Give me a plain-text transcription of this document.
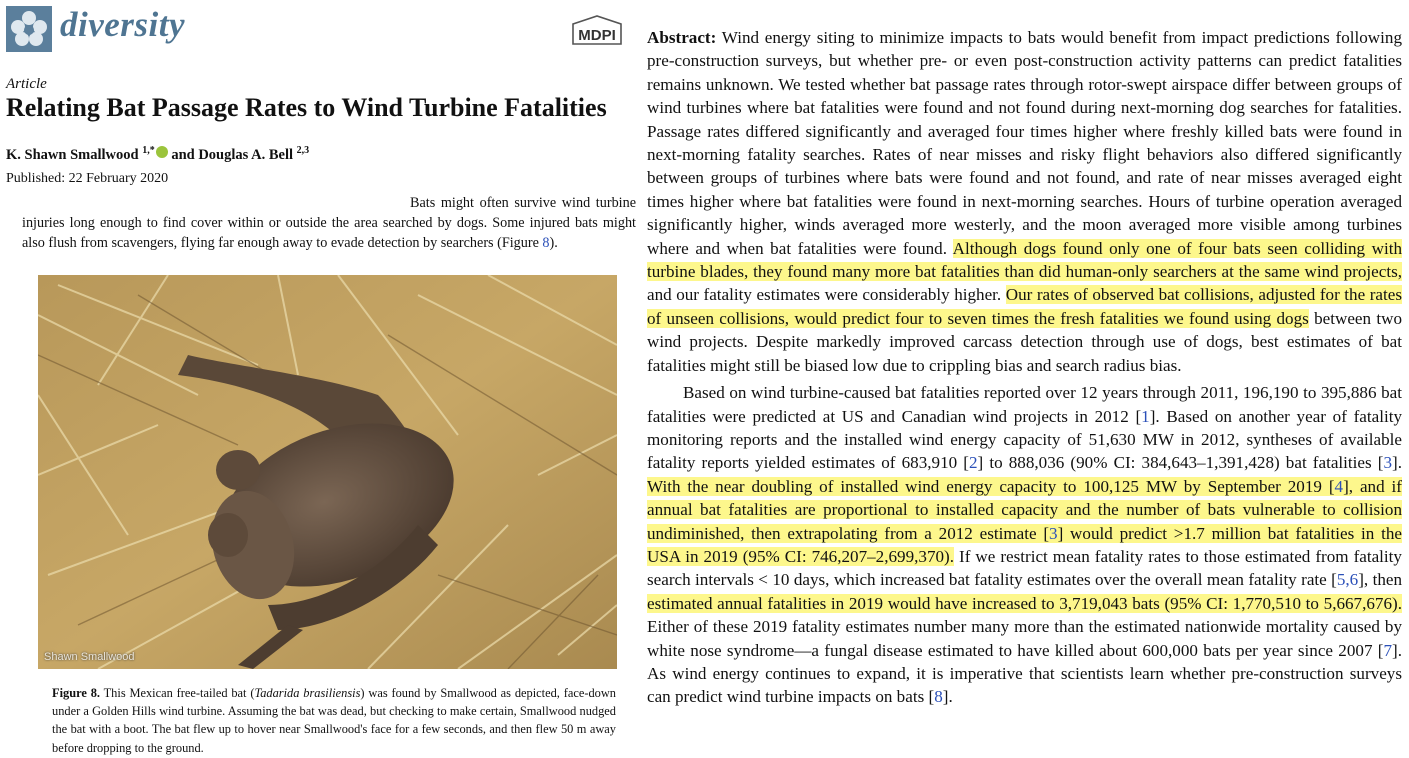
diversity	MDPI
Article
Relating Bat Passage Rates to Wind Turbine Fatalities
K. Shawn Smallwood $^{1,*}$ and Douglas A. Bell $^{2,3}$
Published: 22 February 2020
Bats might often survive wind turbine injuries long enough to find cover within or outside the area searched by dogs. Some injured bats might also flush from scavengers, flying far enough away to evade detection by searchers (Figure 8).
Shawn Smallwood
Figure 8. This Mexican free-tailed bat (Tadarida brasiliensis) was found by Smallwood as depicted, face-down under a Golden Hills wind turbine. Assuming the bat was dead, but checking to make certain, Smallwood nudged the bat with a boot. The bat flew up to hover near Smallwood's face for a few seconds, and then flew 50 m away before dropping to the ground.

Abstract: Wind energy siting to minimize impacts to bats would benefit from impact predictions following pre-construction surveys, but whether pre- or even post-construction activity patterns can predict fatalities remains unknown. We tested whether bat passage rates through rotor-swept airspace differ between groups of wind turbines where bat fatalities were found and not found during next-morning dog searches for fatalities. Passage rates differed significantly and averaged four times higher where freshly killed bats were found in next-morning fatality searches. Rates of near misses and risky flight behaviors also differed significantly between groups of turbines where bats were found and not found, and rate of near misses averaged eight times higher where bat fatalities were found in next-morning searches. Hours of turbine operation averaged significantly higher, winds averaged more westerly, and the moon averaged more visible among turbines where and when bat fatalities were found. Although dogs found only one of four bats seen colliding with turbine blades, they found many more bat fatalities than did human-only searchers at the same wind projects, and our fatality estimates were considerably higher. Our rates of observed bat collisions, adjusted for the rates of unseen collisions, would predict four to seven times the fresh fatalities we found using dogs between two wind projects. Despite markedly improved carcass detection through use of dogs, best estimates of bat fatalities might still be biased low due to crippling bias and search radius bias.

Based on wind turbine-caused bat fatalities reported over 12 years through 2011, 196,190 to 395,886 bat fatalities were predicted at US and Canadian wind projects in 2012 [1]. Based on another year of fatality monitoring reports and the installed wind energy capacity of 51,630 MW in 2012, syntheses of available fatality reports yielded estimates of 683,910 [2] to 888,036 (90% CI: 384,643–1,391,428) bat fatalities [3]. With the near doubling of installed wind energy capacity to 100,125 MW by September 2019 [4], and if annual bat fatalities are proportional to installed capacity and the number of bats vulnerable to collision undiminished, then extrapolating from a 2012 estimate [3] would predict >1.7 million bat fatalities in the USA in 2019 (95% CI: 746,207–2,699,370). If we restrict mean fatality rates to those estimated from fatality search intervals < 10 days, which increased bat fatality estimates over the overall mean fatality rate [5,6], then estimated annual fatalities in 2019 would have increased to 3,719,043 bats (95% CI: 1,770,510 to 5,667,676). Either of these 2019 fatality estimates number many more than the estimated nationwide mortality caused by white nose syndrome—a fungal disease estimated to have killed about 600,000 bats per year since 2007 [7]. As wind energy continues to expand, it is imperative that scientists learn whether pre-construction surveys can predict wind turbine impacts on bats [8].
